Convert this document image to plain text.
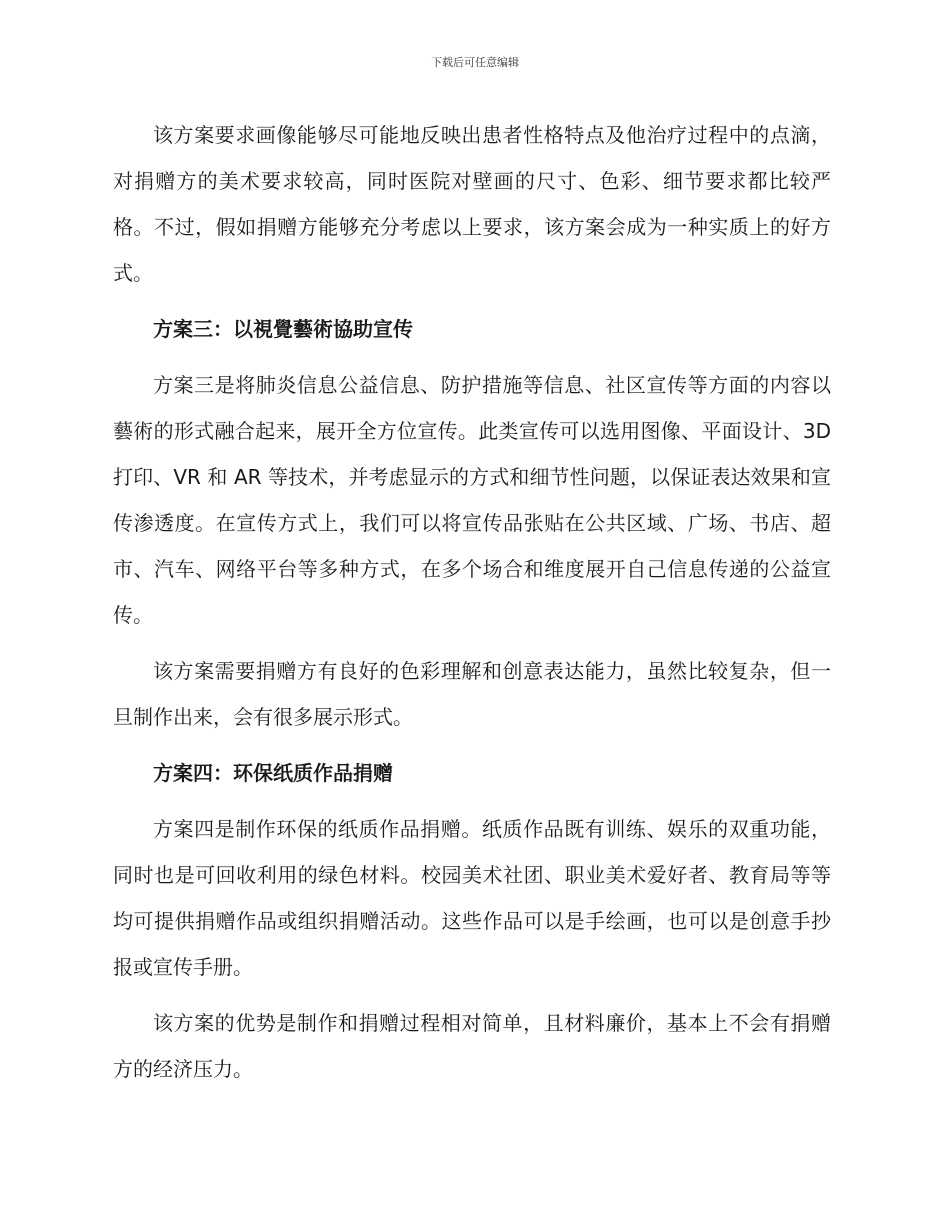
下载后可任意编辑

该方案要求画像能够尽可能地反映出患者性格特点及他治疗过程中的点滴，对捐赠方的美术要求较高，同时医院对壁画的尺寸、色彩、细节要求都比较严格。不过，假如捐赠方能够充分考虑以上要求，该方案会成为一种实质上的好方式。

方案三：以視覺藝術協助宣传

方案三是将肺炎信息公益信息、防护措施等信息、社区宣传等方面的内容以藝術的形式融合起来，展开全方位宣传。此类宣传可以选用图像、平面设计、3D 打印、VR 和 AR 等技术，并考虑显示的方式和细节性问题，以保证表达效果和宣传渗透度。在宣传方式上，我们可以将宣传品张贴在公共区域、广场、书店、超市、汽车、网络平台等多种方式，在多个场合和维度展开自己信息传递的公益宣传。

该方案需要捐赠方有良好的色彩理解和创意表达能力，虽然比较复杂，但一旦制作出来，会有很多展示形式。

方案四：环保纸质作品捐赠

方案四是制作环保的纸质作品捐赠。纸质作品既有训练、娱乐的双重功能，同时也是可回收利用的绿色材料。校园美术社团、职业美术爱好者、教育局等等均可提供捐赠作品或组织捐赠活动。这些作品可以是手绘画，也可以是创意手抄报或宣传手册。

该方案的优势是制作和捐赠过程相对简单，且材料廉价，基本上不会有捐赠方的经济压力。
